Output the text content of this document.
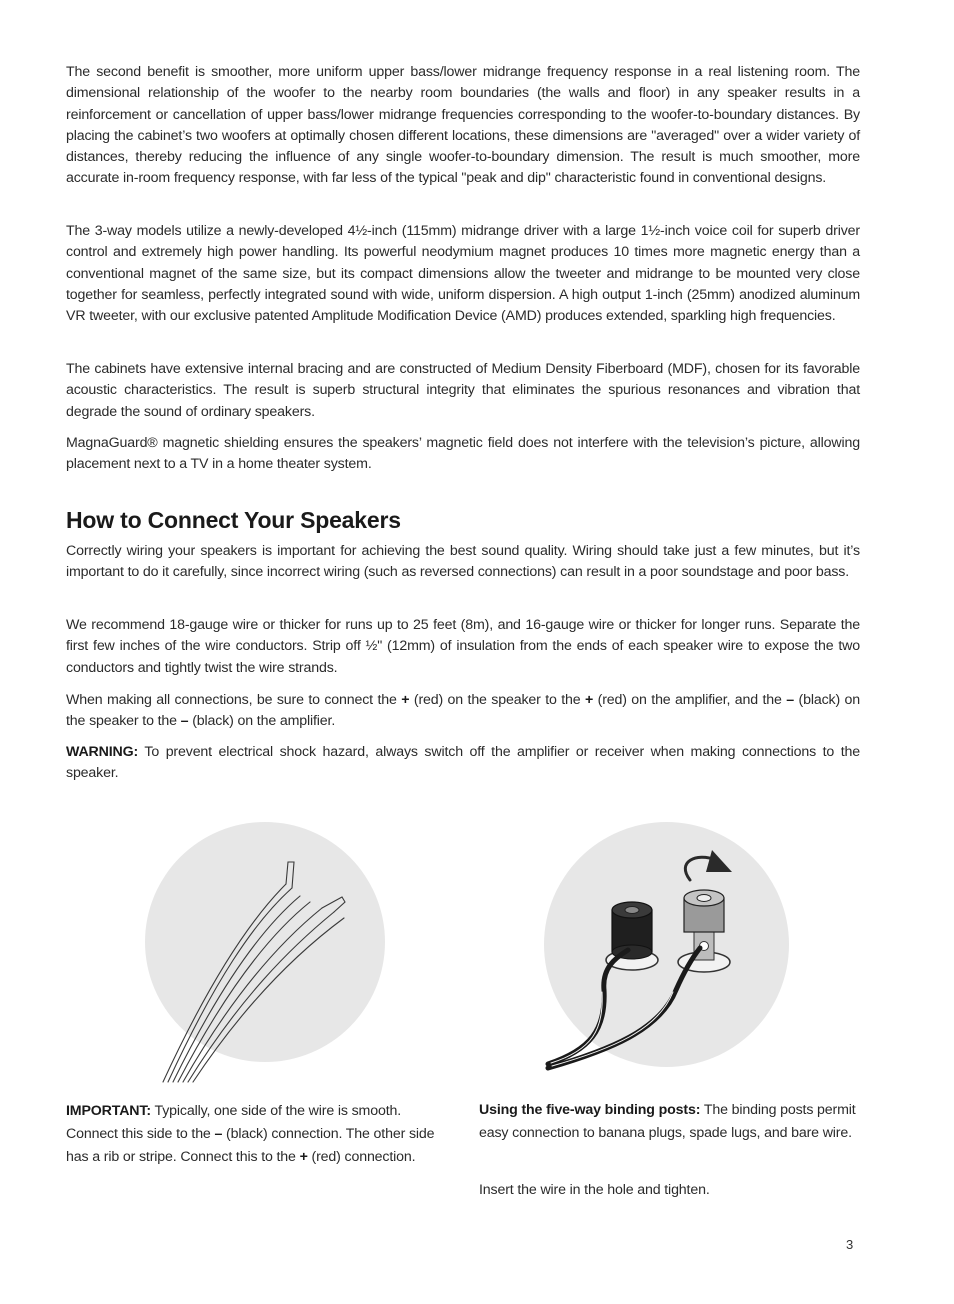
The second benefit is smoother, more uniform upper bass/lower midrange frequency response in a real listening room. The dimensional relationship of the woofer to the nearby room boundaries (the walls and floor) in any speaker results in a reinforcement or cancellation of upper bass/lower midrange frequencies corresponding to the woofer-to-boundary distances. By placing the cabinet’s two woofers at optimally chosen different locations, these dimensions are "averaged" over a wider variety of distances, thereby reducing the influence of any single woofer-to-boundary dimension. The result is much smoother, more accurate in-room frequency response, with far less of the typical "peak and dip" characteristic found in conventional designs.

The 3-way models utilize a newly-developed 4½-inch (115mm) midrange driver with a large 1½-inch voice coil for superb driver control and extremely high power handling. Its powerful neodymium magnet produces 10 times more magnetic energy than a conventional magnet of the same size, but its compact dimensions allow the tweeter and midrange to be mounted very close together for seamless, perfectly integrated sound with wide, uniform dispersion. A high output 1-inch (25mm) anodized aluminum VR tweeter, with our exclusive patented Amplitude Modification Device (AMD) produces extended, sparkling high frequencies.

The cabinets have extensive internal bracing and are constructed of Medium Density Fiberboard (MDF), chosen for its favorable acoustic characteristics. The result is superb structural integrity that eliminates the spurious resonances and vibration that degrade the sound of ordinary speakers.

MagnaGuard® magnetic shielding ensures the speakers’ magnetic field does not interfere with the television’s picture, allowing placement next to a TV in a home theater system.

How to Connect Your Speakers

Correctly wiring your speakers is important for achieving the best sound quality. Wiring should take just a few minutes, but it’s important to do it carefully, since incorrect wiring (such as reversed connections) can result in a poor soundstage and poor bass.

We recommend 18-gauge wire or thicker for runs up to 25 feet (8m), and 16-gauge wire or thicker for longer runs. Separate the first few inches of the wire conductors. Strip off ½" (12mm) of insulation from the ends of each speaker wire to expose the two conductors and tightly twist the wire strands.

When making all connections, be sure to connect the + (red) on the speaker to the + (red) on the amplifier, and the – (black) on the speaker to the – (black) on the amplifier.

WARNING: To prevent electrical shock hazard, always switch off the amplifier or receiver when making connections to the speaker.

IMPORTANT: Typically, one side of the wire is smooth. Connect this side to the – (black) connection. The other side has a rib or stripe. Connect this to the + (red) connection.

Using the five-way binding posts: The binding posts permit easy connection to banana plugs, spade lugs, and bare wire.

Insert the wire in the hole and tighten.

3
